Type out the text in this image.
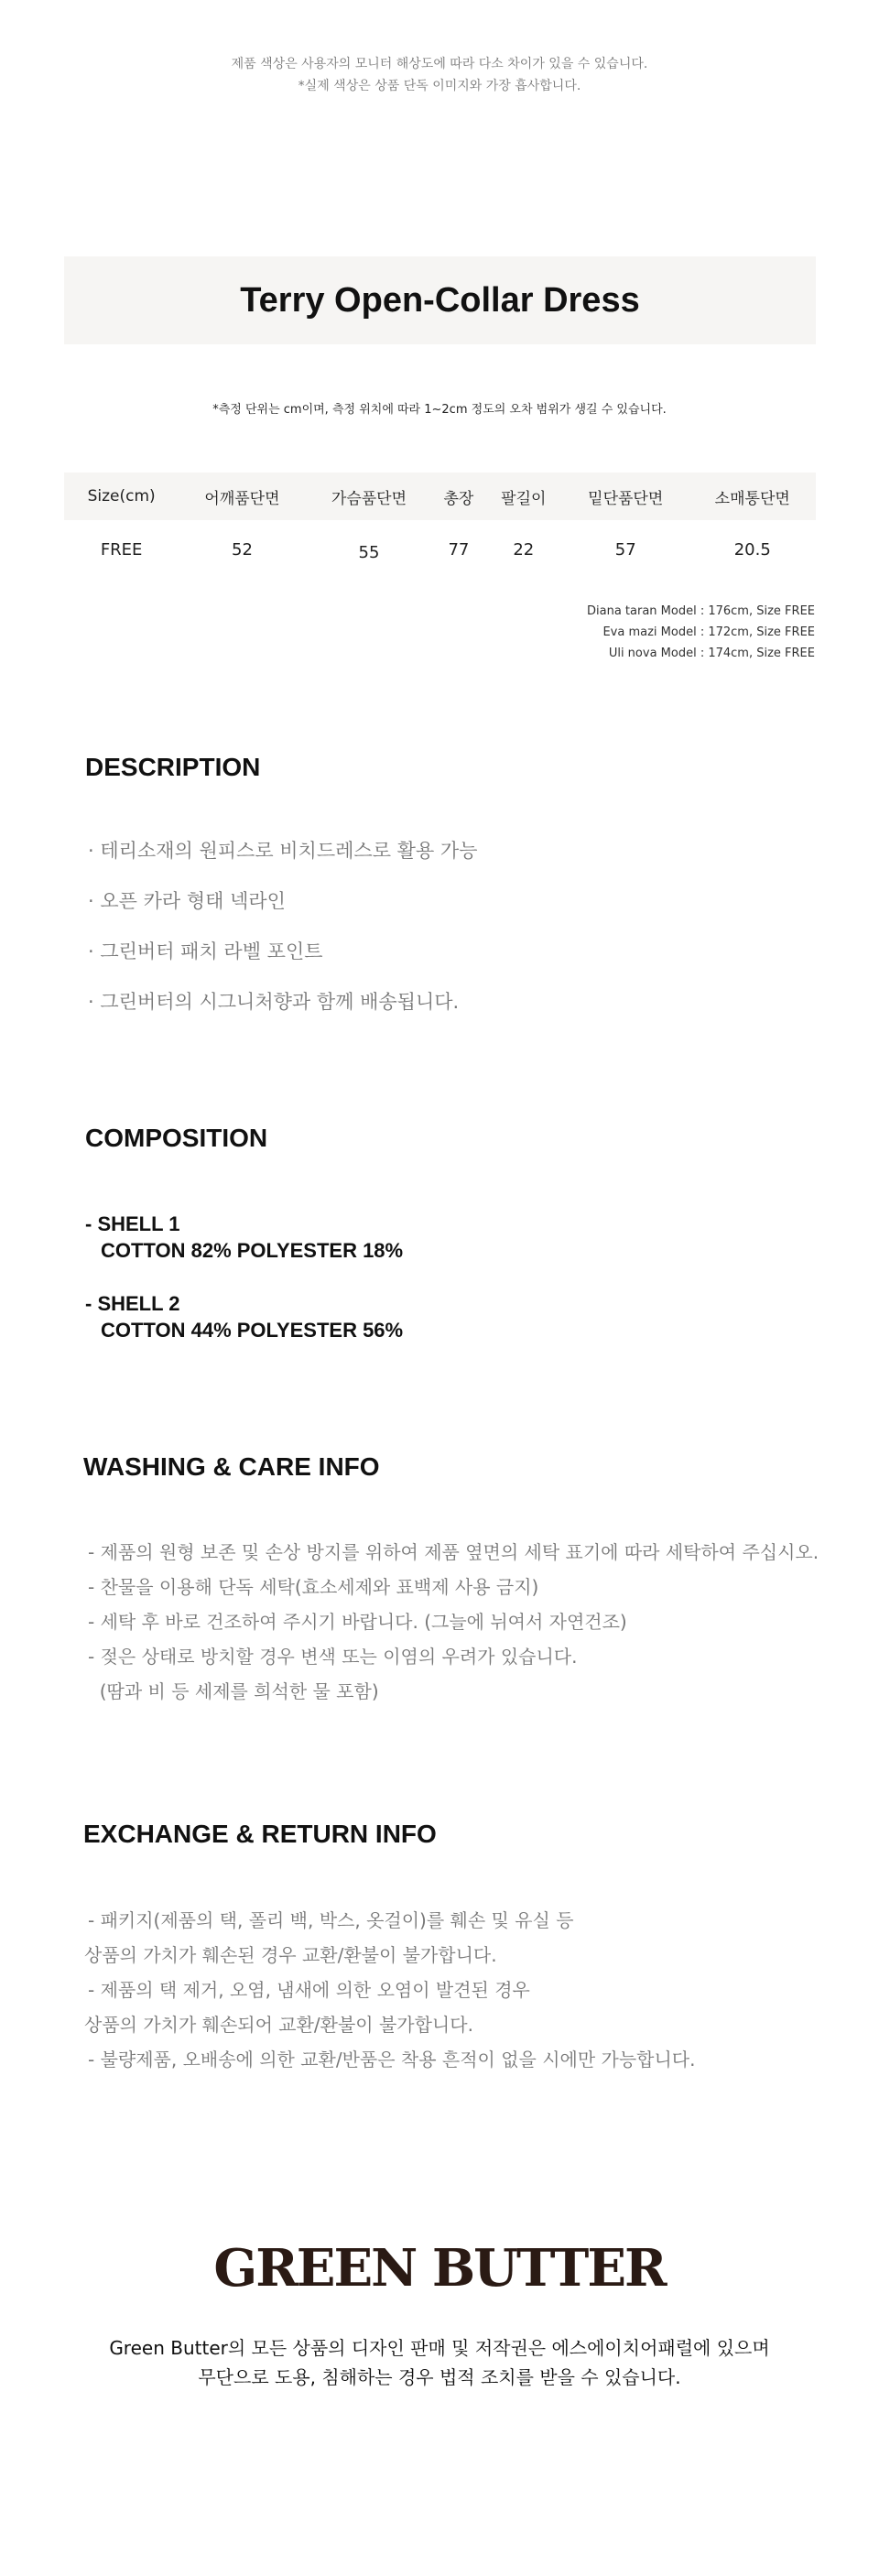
제품 색상은 사용자의 모니터 해상도에 따라 다소 차이가 있을 수 있습니다.
*실제 색상은 상품 단독 이미지와 가장 흡사합니다.
Terry Open-Collar Dress
*측정 단위는 cm이며, 측정 위치에 따라 1~2cm 정도의 오차 범위가 생길 수 있습니다.
Size(cm)	어깨품단면	가슴품단면	총장	팔길이	밑단품단면	소매통단면
FREE	52	55	77	22	57	20.5
Diana taran Model : 176cm, Size FREE
Eva mazi Model : 172cm, Size FREE
Uli nova Model : 174cm, Size FREE
DESCRIPTION
· 테리소재의 원피스로 비치드레스로 활용 가능
· 오픈 카라 형태 넥라인
· 그린버터 패치 라벨 포인트
· 그린버터의 시그니처향과 함께 배송됩니다.
COMPOSITION
- SHELL 1
COTTON 82% POLYESTER 18%
- SHELL 2
COTTON 44% POLYESTER 56%
WASHING & CARE INFO
- 제품의 원형 보존 및 손상 방지를 위하여 제품 옆면의 세탁 표기에 따라 세탁하여 주십시오.
- 찬물을 이용해 단독 세탁(효소세제와 표백제 사용 금지)
- 세탁 후 바로 건조하여 주시기 바랍니다. (그늘에 뉘여서 자연건조)
- 젖은 상태로 방치할 경우 변색 또는 이염의 우려가 있습니다.
(땀과 비 등 세제를 희석한 물 포함)
EXCHANGE & RETURN INFO
- 패키지(제품의 택, 폴리 백, 박스, 옷걸이)를 훼손 및 유실 등
상품의 가치가 훼손된 경우 교환/환불이 불가합니다.
- 제품의 택 제거, 오염, 냄새에 의한 오염이 발견된 경우
상품의 가치가 훼손되어 교환/환불이 불가합니다.
- 불량제품, 오배송에 의한 교환/반품은 착용 흔적이 없을 시에만 가능합니다.
GREEN BUTTER
Green Butter의 모든 상품의 디자인 판매 및 저작권은 에스에이치어패럴에 있으며
무단으로 도용, 침해하는 경우 법적 조치를 받을 수 있습니다.
